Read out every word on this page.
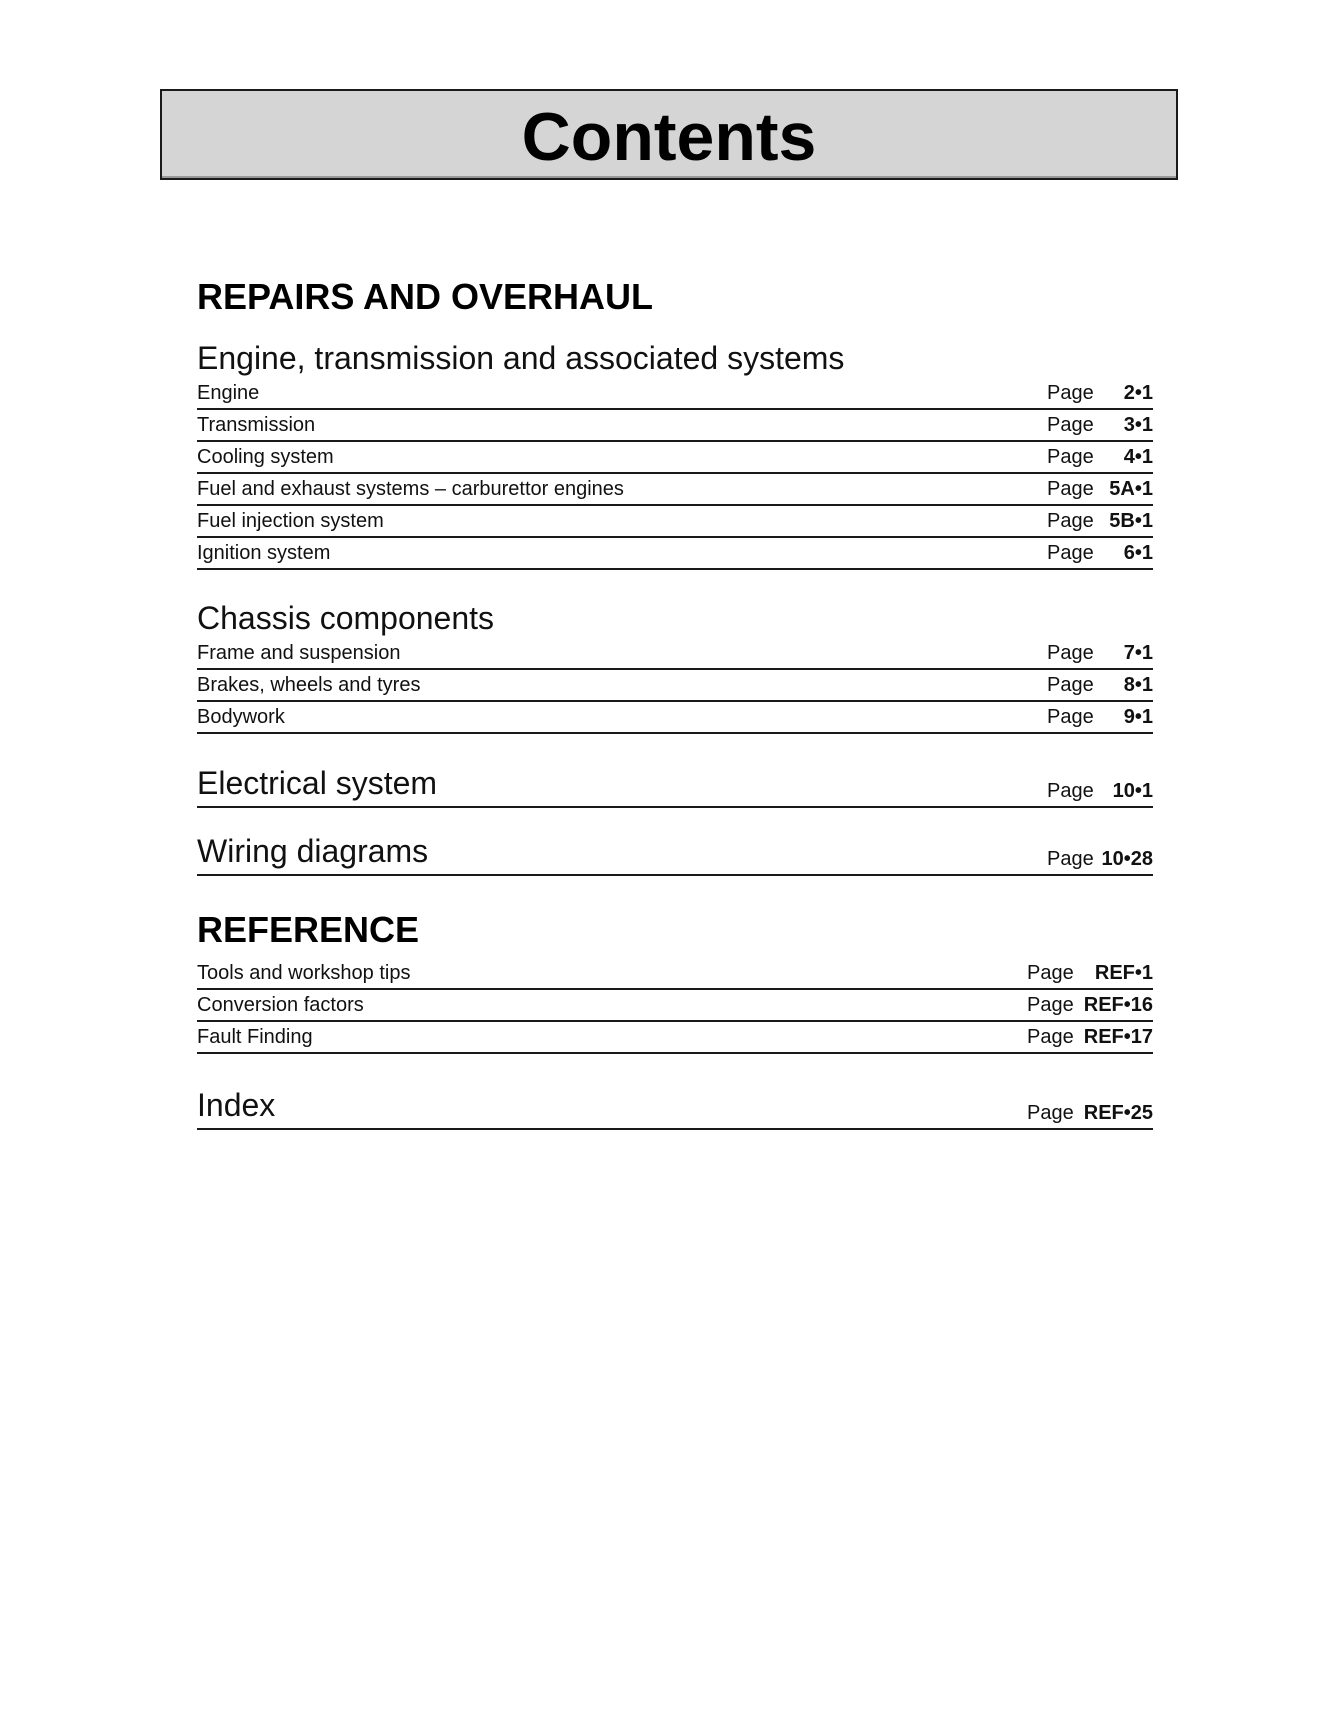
Contents
REPAIRS AND OVERHAUL
Engine, transmission and associated systems
Engine	Page 2•1
Transmission	Page 3•1
Cooling system	Page 4•1
Fuel and exhaust systems – carburettor engines	Page 5A•1
Fuel injection system	Page 5B•1
Ignition system	Page 6•1
Chassis components
Frame and suspension	Page 7•1
Brakes, wheels and tyres	Page 8•1
Bodywork	Page 9•1
Electrical system	Page 10•1
Wiring diagrams	Page 10•28
REFERENCE
Tools and workshop tips	Page REF•1
Conversion factors	Page REF•16
Fault Finding	Page REF•17
Index	Page REF•25
